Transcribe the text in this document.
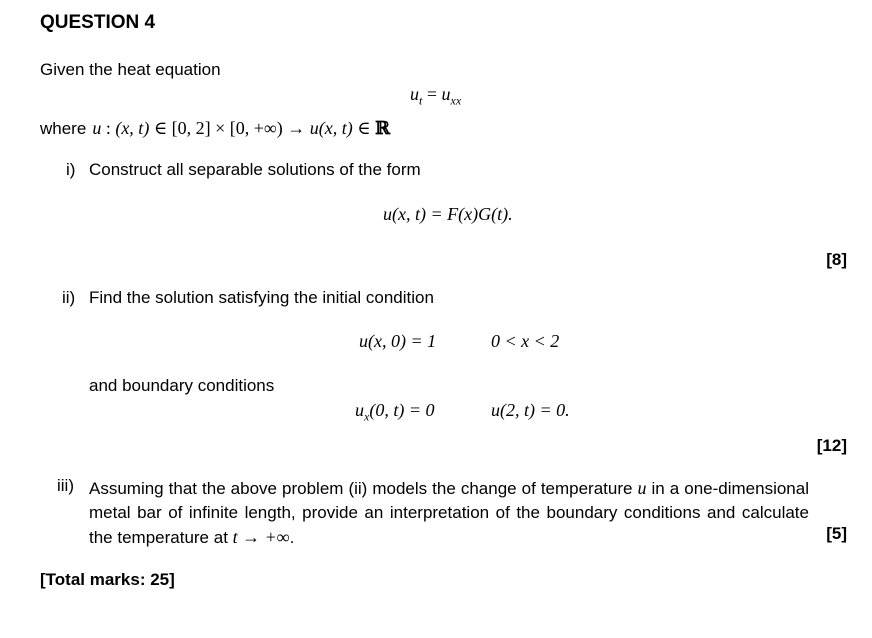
QUESTION 4
Given the heat equation
$u_t = u_{xx}$
where u : (x, t) ∈ [0, 2] × [0, +∞) → u(x, t) ∈ ℝ
i) Construct all separable solutions of the form
u(x, t) = F(x)G(t).
[8]
ii) Find the solution satisfying the initial condition
u(x, 0) = 1	0 < x < 2
and boundary conditions
$u_x(0$, t) = 0	u(2, t) = 0.
[12]
iii) Assuming that the above problem (ii) models the change of temperature u in a one-dimensional metal bar of infinite length, provide an interpretation of the boundary conditions and calculate the temperature at t → +∞.	[5]
[Total marks: 25]
